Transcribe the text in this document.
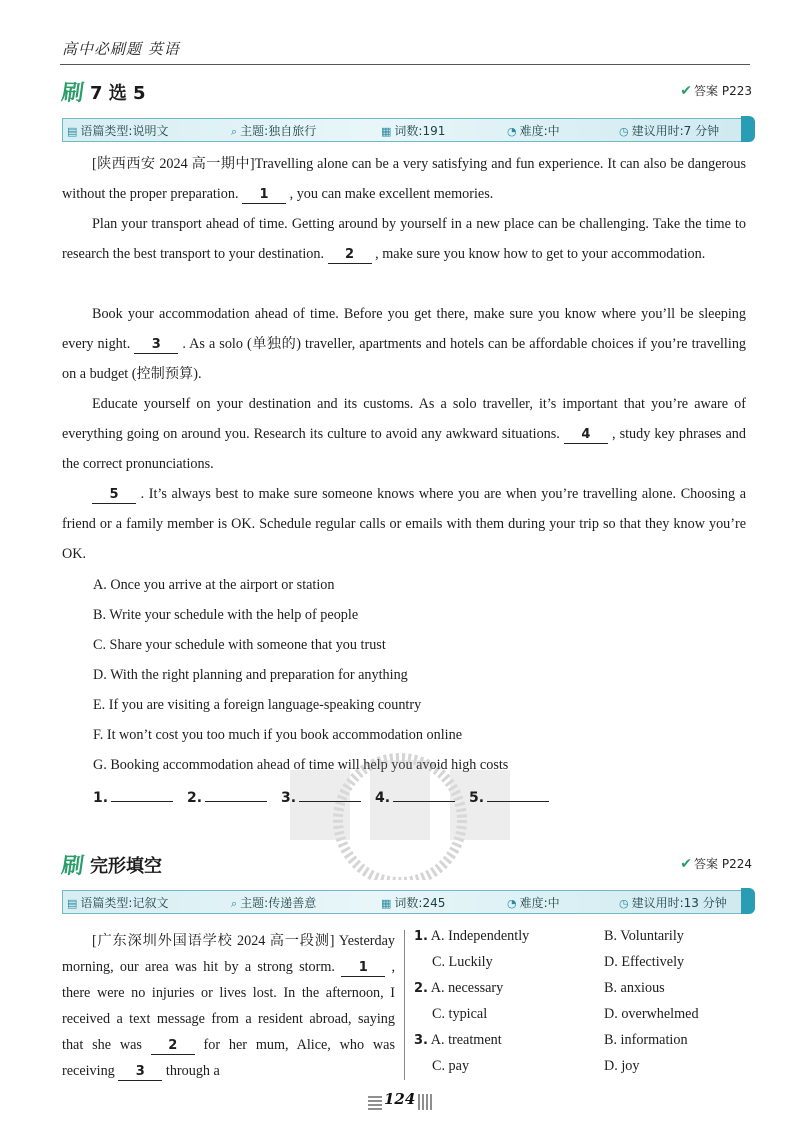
高中必刷题 英语
刷 7 选 5	✔ 答案 P223
▤ 语篇类型:说明文	⌕ 主题:独自旅行	▦ 词数:191	◔ 难度:中	◷ 建议用时:7 分钟
[陕西西安 2024 高一期中]Travelling alone can be a very satisfying and fun experience. It can also be dangerous without the proper preparation. 1 , you can make excellent memories.
Plan your transport ahead of time. Getting around by yourself in a new place can be challenging. Take the time to research the best transport to your destination. 2 , make sure you know how to get to your accommodation.
Book your accommodation ahead of time. Before you get there, make sure you know where you’ll be sleeping every night. 3 . As a solo (单独的) traveller, apartments and hotels can be affordable choices if you’re travelling on a budget (控制预算).
Educate yourself on your destination and its customs. As a solo traveller, it’s important that you’re aware of everything going on around you. Research its culture to avoid any awkward situations. 4 , study key phrases and the correct pronunciations.
5 . It’s always best to make sure someone knows where you are when you’re travelling alone. Choosing a friend or a family member is OK. Schedule regular calls or emails with them during your trip so that they know you’re OK.
A. Once you arrive at the airport or station
B. Write your schedule with the help of people
C. Share your schedule with someone that you trust
D. With the right planning and preparation for anything
E. If you are visiting a foreign language-speaking country
F. It won’t cost you too much if you book accommodation online
G. Booking accommodation ahead of time will help you avoid high costs
1.	2.	3.	4.	5.
刷 完形填空	✔ 答案 P224
▤ 语篇类型:记叙文	⌕ 主题:传递善意	▦ 词数:245	◔ 难度:中	◷ 建议用时:13 分钟
[广东深圳外国语学校 2024 高一段测] Yesterday morning, our area was hit by a strong storm. 1 , there were no injuries or lives lost. In the afternoon, I received a text message from a resident abroad, saying that she was 2 for her mum, Alice, who was receiving 3 through a
1. A. Independently	B. Voluntarily
C. Luckily	D. Effectively
2. A. necessary	B. anxious
C. typical	D. overwhelmed
3. A. treatment	B. information
C. pay	D. joy
124
